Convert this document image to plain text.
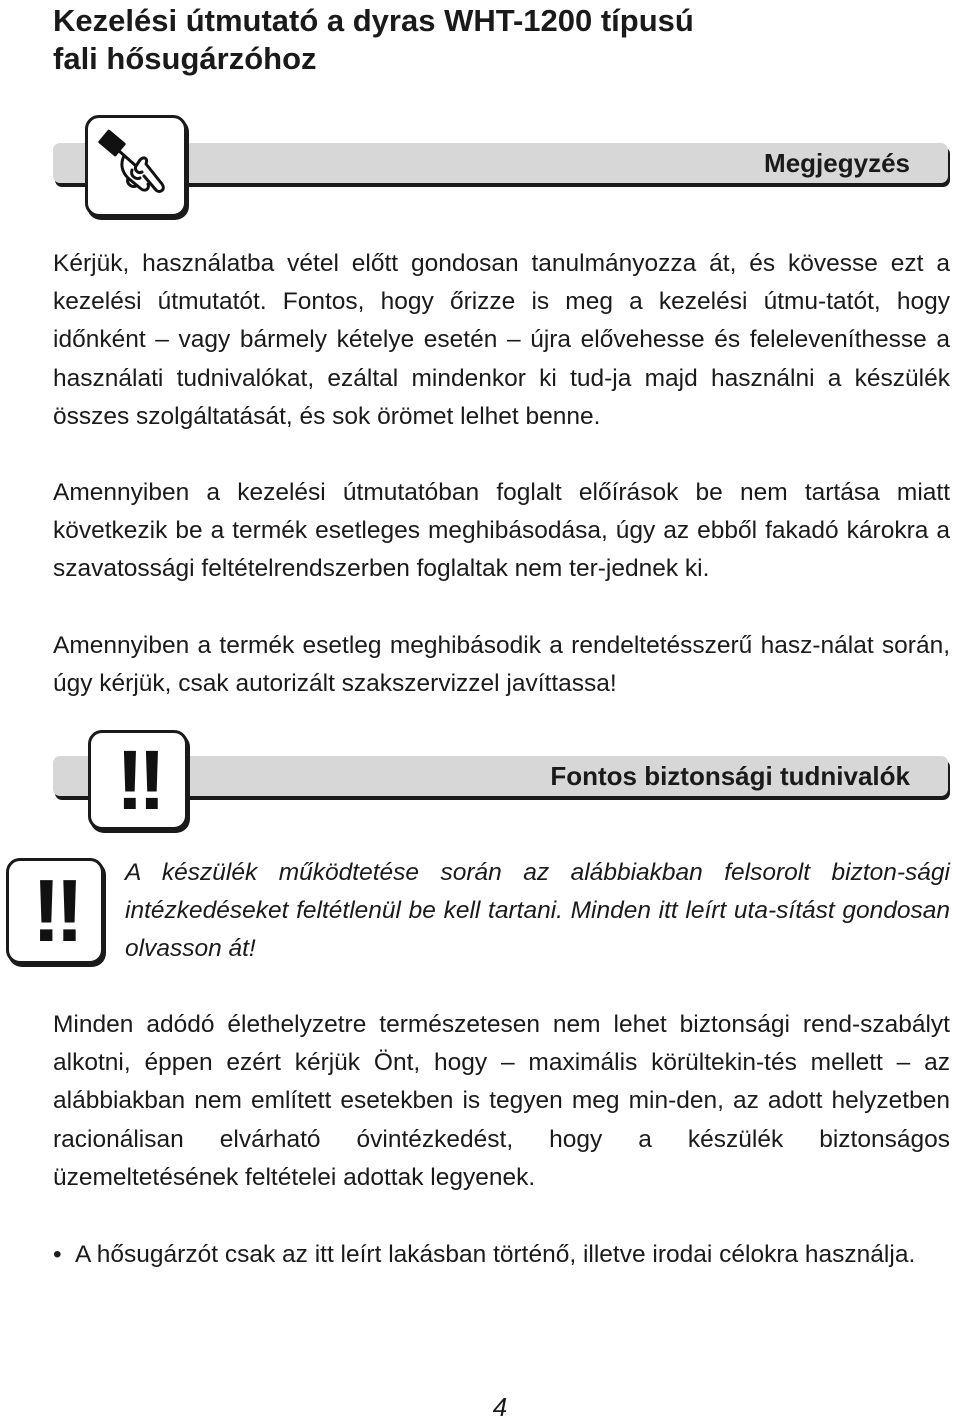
Kezelési útmutató a dyras WHT-1200 típusú
fali hősugárzóhoz
Megjegyzés

Kérjük, használatba vétel előtt gondosan tanulmányozza át, és kövesse ezt a kezelési útmutatót. Fontos, hogy őrizze is meg a kezelési útmu-​tatót, hogy időnként – vagy bármely kételye esetén – újra elővehesse és feleleveníthesse a használati tudnivalókat, ezáltal mindenkor ki tud-​ja majd használni a készülék összes szolgáltatását, és sok örömet lelhet benne.

Amennyiben a kezelési útmutatóban foglalt előírások be nem tartása miatt következik be a termék esetleges meghibásodása, úgy az ebből fakadó károkra a szavatossági feltételrendszerben foglaltak nem ter-​jednek ki.

Amennyiben a termék esetleg meghibásodik a rendeltetésszerű hasz-​nálat során, úgy kérjük, csak autorizált szakszervizzel javíttassa!

Fontos biztonsági tudnivalók
!!
!! A készülék működtetése során az alábbiakban felsorolt bizton-​sági intézkedéseket feltétlenül be kell tartani. Minden itt leírt uta-​sítást gondosan olvasson át!

Minden adódó élethelyzetre természetesen nem lehet biztonsági rend-​szabályt alkotni, éppen ezért kérjük Önt, hogy – maximális körültekin-​tés mellett – az alábbiakban nem említett esetekben is tegyen meg min-​den, az adott helyzetben racionálisan elvárható óvintézkedést, hogy a készülék biztonságos üzemeltetésének feltételei adottak legyenek.

• A hősugárzót csak az itt leírt lakásban történő, illetve irodai célokra használja.
4
